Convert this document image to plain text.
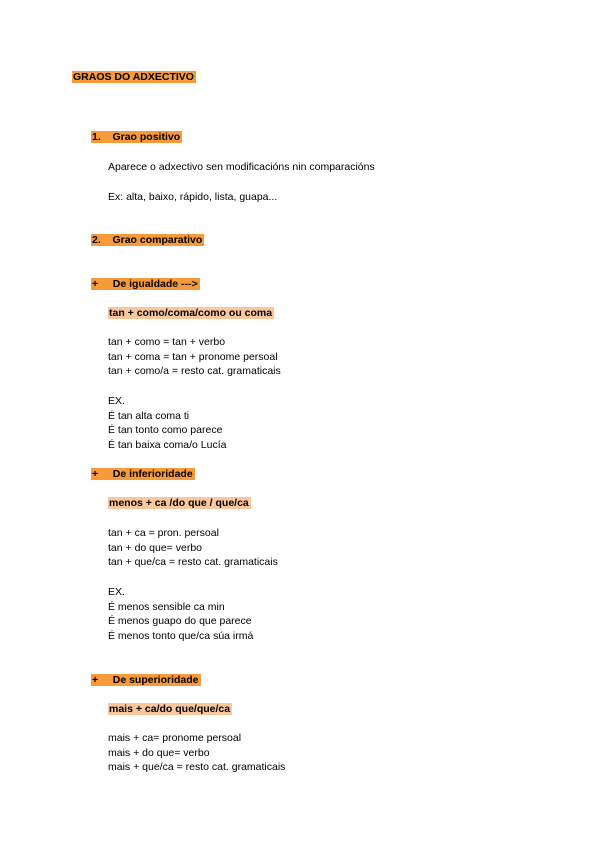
GRAOS DO ADXECTIVO
1. Grao positivo
Aparece o adxectivo sen modificacións nin comparacións
Ex: alta, baixo, rápido, lista, guapa...
2. Grao comparativo
+ De igualdade --->
tan + como/coma/como ou coma
tan + como = tan + verbo
tan + coma = tan + pronome persoal
tan + como/a = resto cat. gramaticais
EX.
É tan alta coma ti
É tan tonto como parece
É tan baixa coma/o Lucía
+ De inferioridade
menos + ca /do que / que/ca
tan + ca = pron. persoal
tan + do que= verbo
tan + que/ca = resto cat. gramaticais
EX.
É menos sensible ca min
É menos guapo do que parece
É menos tonto que/ca súa irmá
+ De superioridade
mais + ca/do que/que/ca
mais + ca= pronome persoal
mais + do que= verbo
mais + que/ca = resto cat. gramaticais
